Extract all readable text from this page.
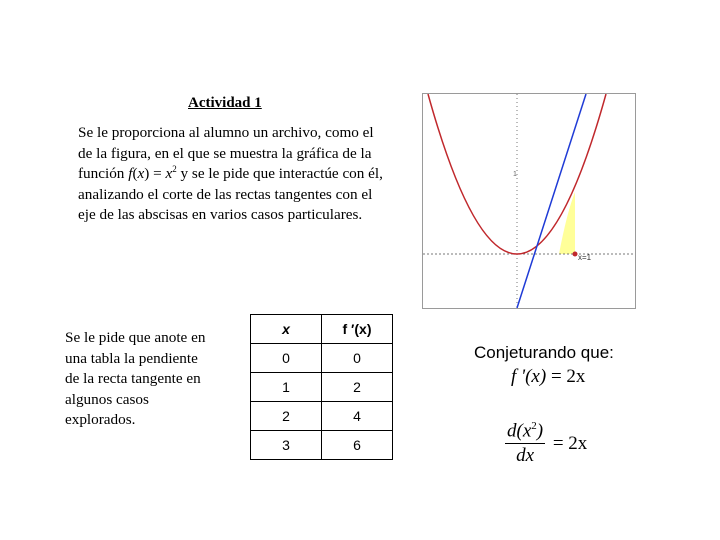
Actividad 1
Se le proporciona al alumno un archivo, como el de la figura, en el que se muestra la gráfica de la función $f(x) = x^2$ y se le pide que interactúe con él, analizando el corte de las rectas tangentes con el eje de las abscisas en varios casos particulares.
1
x=1
Se le pide que anote en una tabla la pendiente de la recta tangente en algunos casos explorados.
x	f ′(x)
0	0
1	2
2	4
3	6
Conjeturando que:
f '(x) = 2x
$\frac{d(x^2)}{dx} = 2x$
